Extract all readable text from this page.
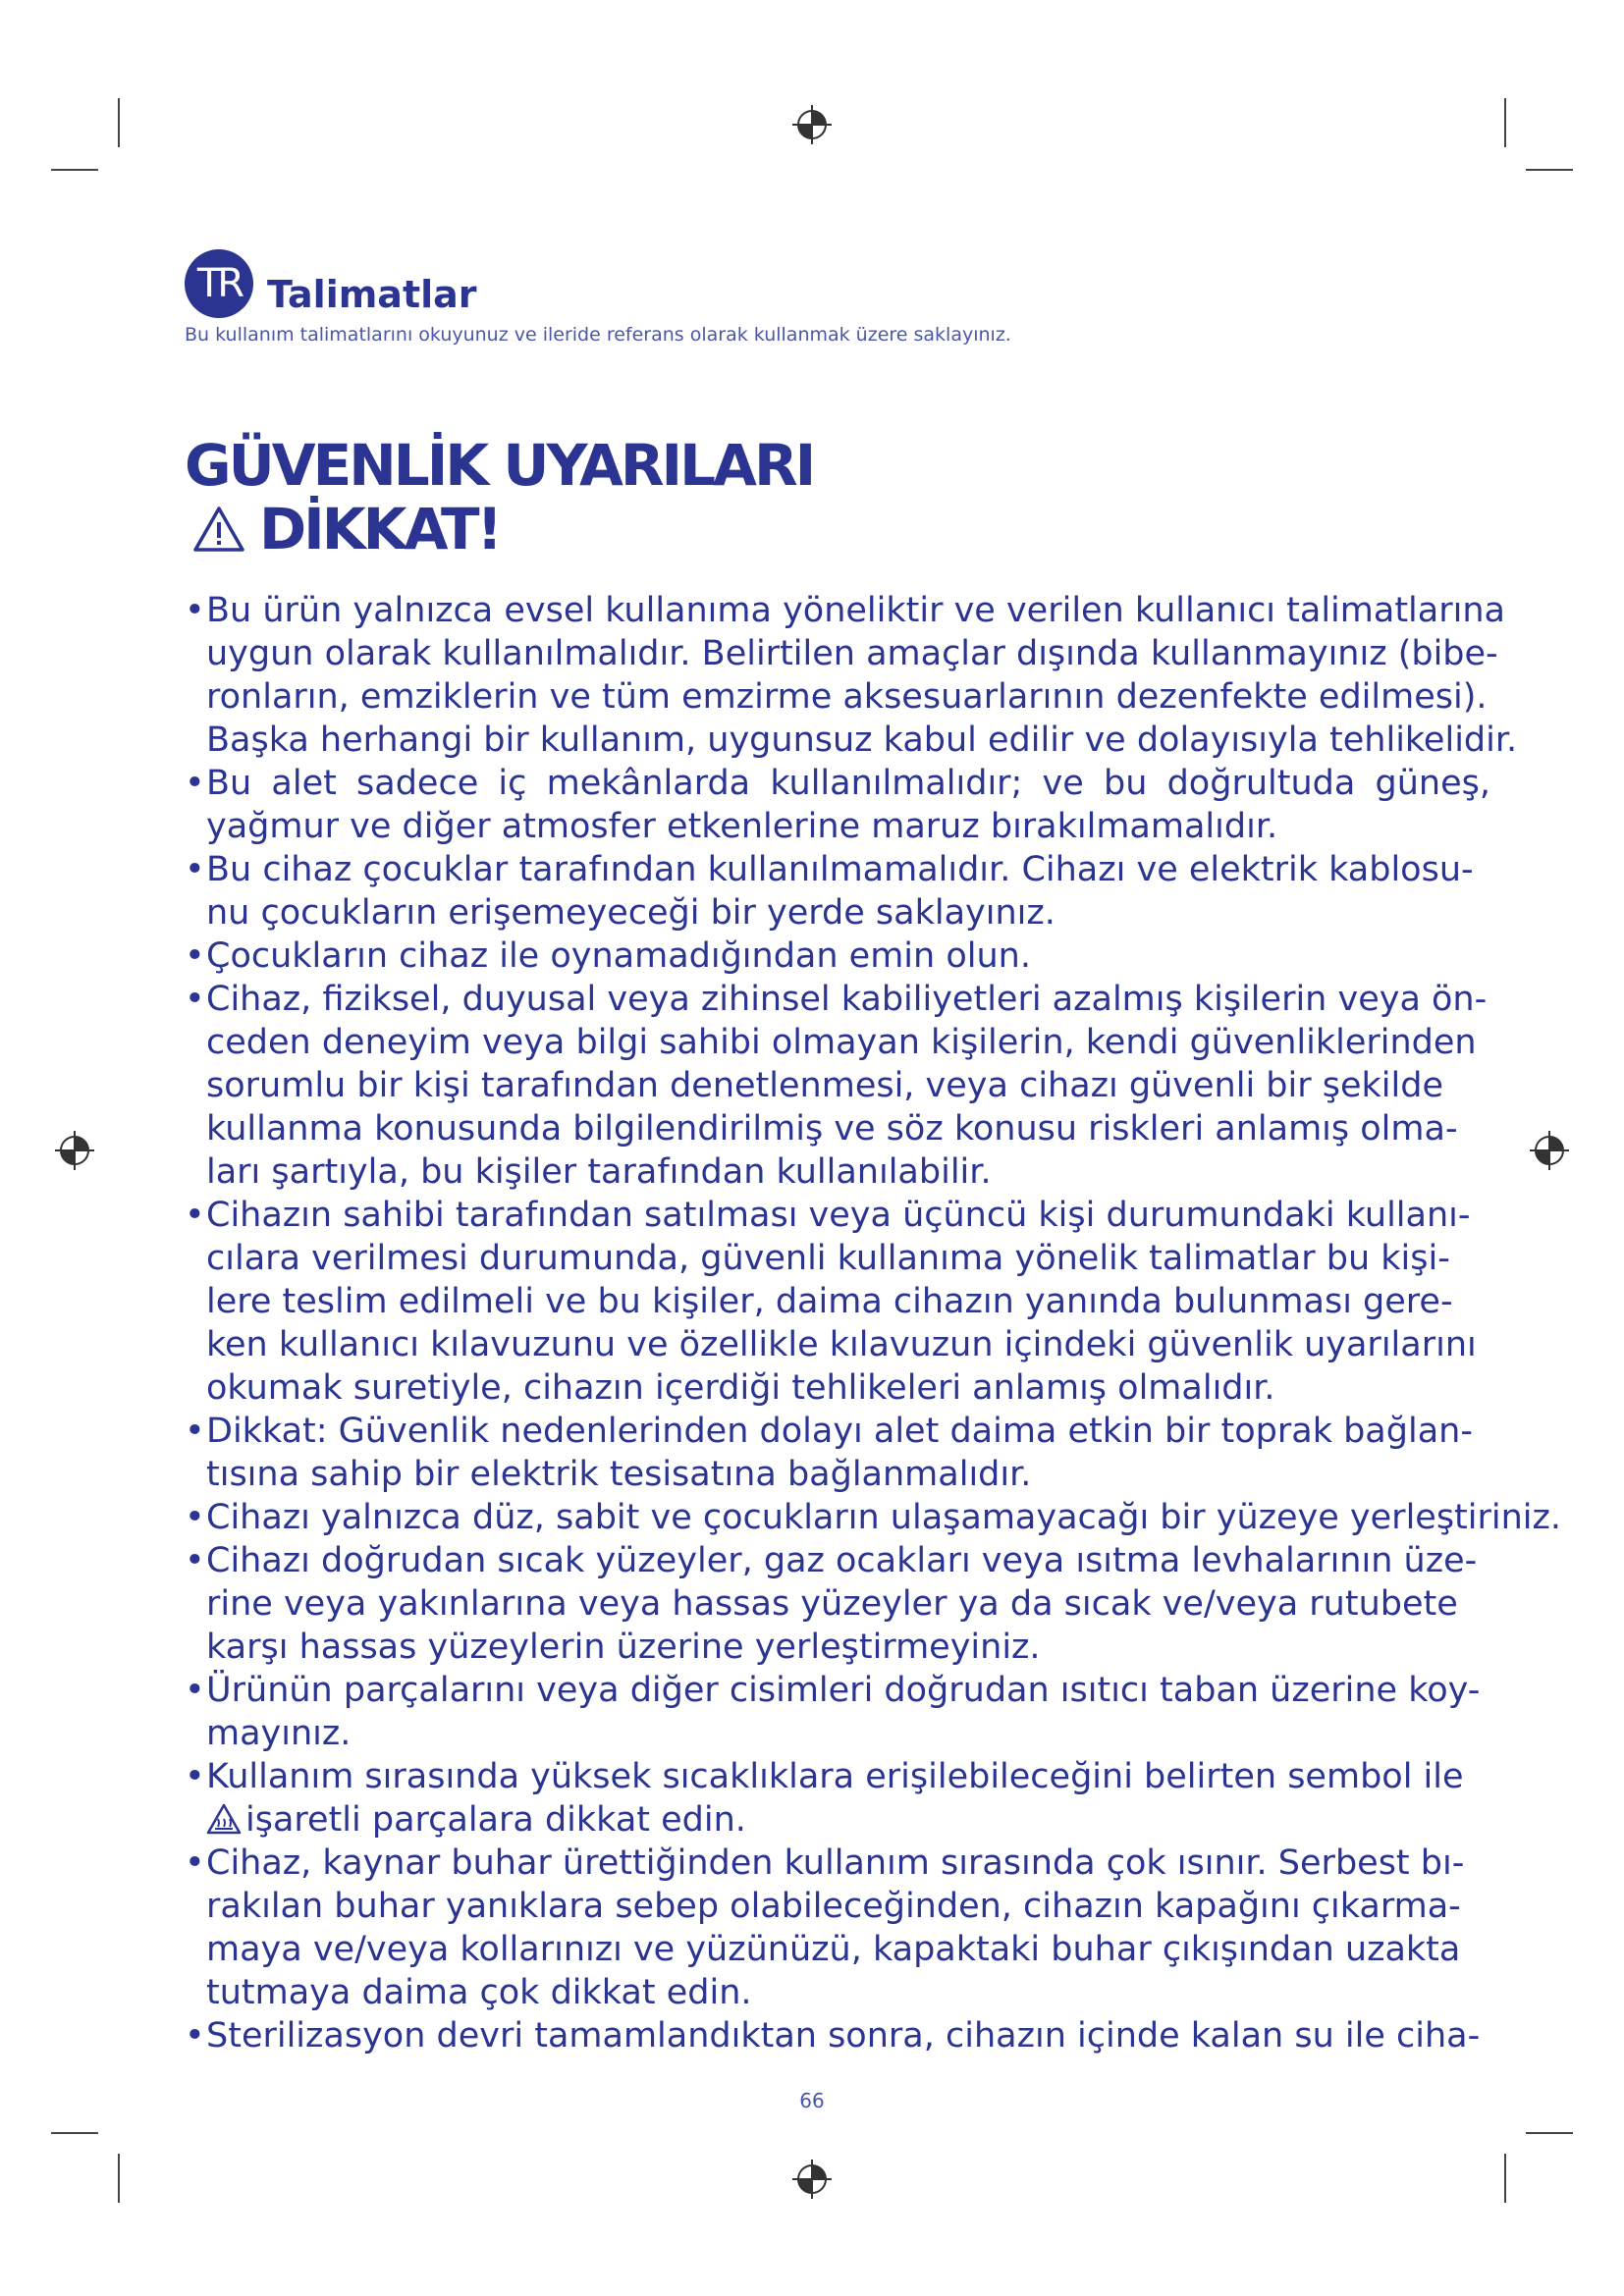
TR Talimatlar
Bu kullanım talimatlarını okuyunuz ve ileride referans olarak kullanmak üzere saklayınız.
GÜVENLİK UYARILARI
DİKKAT!
• Bu ürün yalnızca evsel kullanıma yöneliktir ve verilen kullanıcı talimatlarına
uygun olarak kullanılmalıdır. Belirtilen amaçlar dışında kullanmayınız (bibe-
ronların, emziklerin ve tüm emzirme aksesuarlarının dezenfekte edilmesi).
Başka herhangi bir kullanım, uygunsuz kabul edilir ve dolayısıyla tehlikelidir.
• Bu alet sadece iç mekânlarda kullanılmalıdır; ve bu doğrultuda güneş,
yağmur ve diğer atmosfer etkenlerine maruz bırakılmamalıdır.
• Bu cihaz çocuklar tarafından kullanılmamalıdır. Cihazı ve elektrik kablosu-
nu çocukların erişemeyeceği bir yerde saklayınız.
• Çocukların cihaz ile oynamadığından emin olun.
• Cihaz, fiziksel, duyusal veya zihinsel kabiliyetleri azalmış kişilerin veya ön-
ceden deneyim veya bilgi sahibi olmayan kişilerin, kendi güvenliklerinden
sorumlu bir kişi tarafından denetlenmesi, veya cihazı güvenli bir şekilde
kullanma konusunda bilgilendirilmiş ve söz konusu riskleri anlamış olma-
ları şartıyla, bu kişiler tarafından kullanılabilir.
• Cihazın sahibi tarafından satılması veya üçüncü kişi durumundaki kullanı-
cılara verilmesi durumunda, güvenli kullanıma yönelik talimatlar bu kişi-
lere teslim edilmeli ve bu kişiler, daima cihazın yanında bulunması gere-
ken kullanıcı kılavuzunu ve özellikle kılavuzun içindeki güvenlik uyarılarını
okumak suretiyle, cihazın içerdiği tehlikeleri anlamış olmalıdır.
• Dikkat: Güvenlik nedenlerinden dolayı alet daima etkin bir toprak bağlan-
tısına sahip bir elektrik tesisatına bağlanmalıdır.
• Cihazı yalnızca düz, sabit ve çocukların ulaşamayacağı bir yüzeye yerleştiriniz.
• Cihazı doğrudan sıcak yüzeyler, gaz ocakları veya ısıtma levhalarının üze-
rine veya yakınlarına veya hassas yüzeyler ya da sıcak ve/veya rutubete
karşı hassas yüzeylerin üzerine yerleştirmeyiniz.
• Ürünün parçalarını veya diğer cisimleri doğrudan ısıtıcı taban üzerine koy-
mayınız.
• Kullanım sırasında yüksek sıcaklıklara erişilebileceğini belirten sembol ile
işaretli parçalara dikkat edin.
• Cihaz, kaynar buhar ürettiğinden kullanım sırasında çok ısınır. Serbest bı-
rakılan buhar yanıklara sebep olabileceğinden, cihazın kapağını çıkarma-
maya ve/veya kollarınızı ve yüzünüzü, kapaktaki buhar çıkışından uzakta
tutmaya daima çok dikkat edin.
• Sterilizasyon devri tamamlandıktan sonra, cihazın içinde kalan su ile ciha-
66
